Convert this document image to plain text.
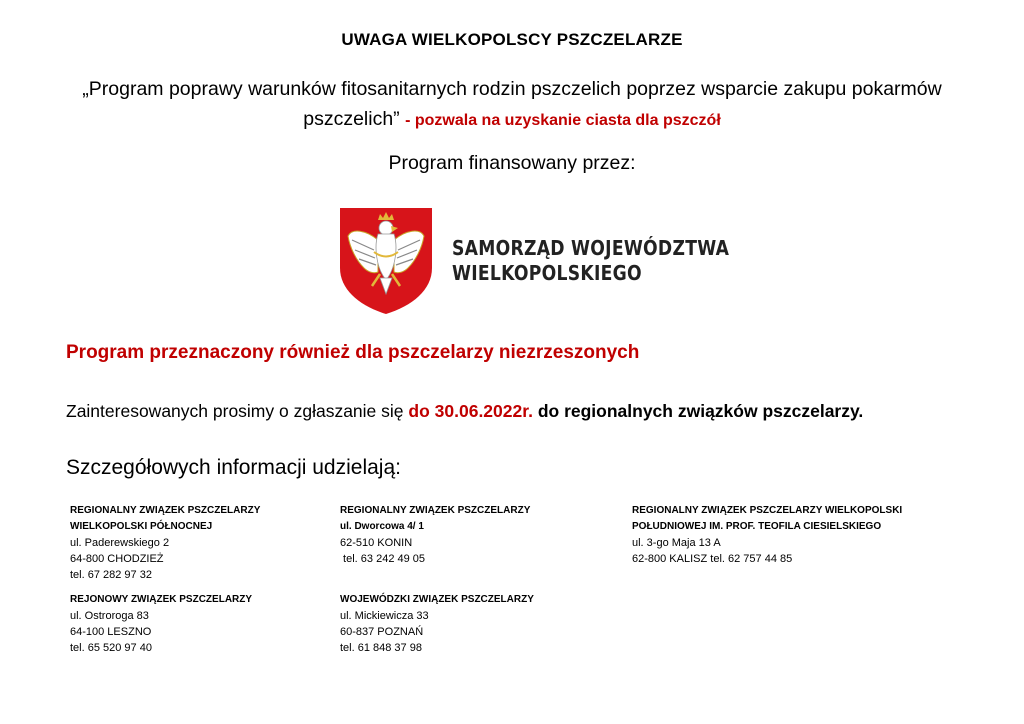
UWAGA WIELKOPOLSCY PSZCZELARZE
„Program poprawy warunków fitosanitarnych rodzin pszczelich poprzez wsparcie zakupu pokarmów pszczelich” - pozwala na uzyskanie ciasta dla pszczół
Program finansowany przez:
SAMORZĄD WOJEWÓDZTWA
WIELKOPOLSKIEGO
Program przeznaczony również dla pszczelarzy niezrzeszonych
Zainteresowanych prosimy o zgłaszanie się do 30.06.2022r. do regionalnych związków pszczelarzy.
Szczegółowych informacji udzielają:
REGIONALNY ZWIĄZEK PSZCZELARZY
WIELKOPOLSKI PÓŁNOCNEJ
ul. Paderewskiego 2
64-800 CHODZIEŻ
tel. 67 282 97 32
REGIONALNY ZWIĄZEK PSZCZELARZY
ul. Dworcowa 4/ 1
62-510 KONIN
tel. 63 242 49 05
REGIONALNY ZWIĄZEK PSZCZELARZY WIELKOPOLSKI
POŁUDNIOWEJ IM. PROF. TEOFILA CIESIELSKIEGO
ul. 3-go Maja 13 A
62-800 KALISZ tel. 62 757 44 85
REJONOWY ZWIĄZEK PSZCZELARZY
ul. Ostroroga 83
64-100 LESZNO
tel. 65 520 97 40
WOJEWÓDZKI ZWIĄZEK PSZCZELARZY
ul. Mickiewicza 33
60-837 POZNAŃ
tel. 61 848 37 98
